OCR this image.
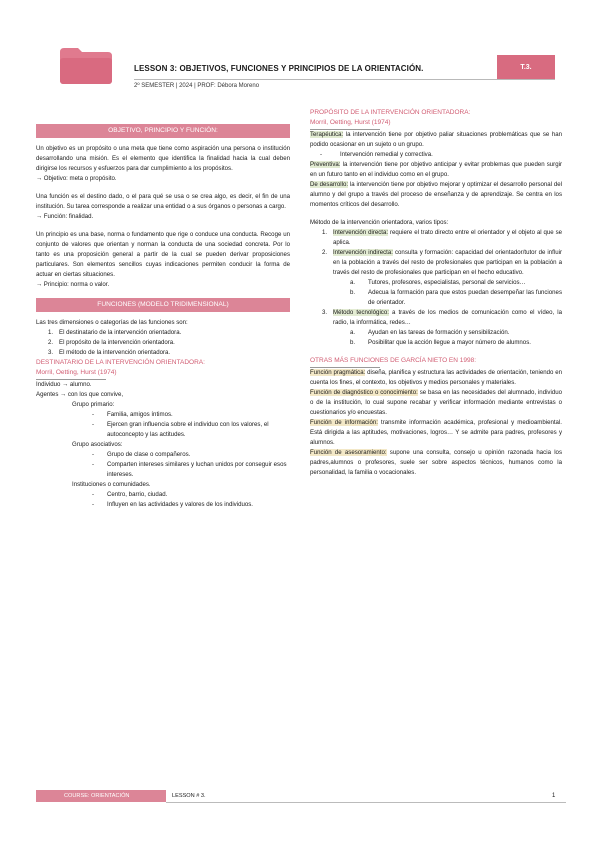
LESSON 3: OBJETIVOS, FUNCIONES Y PRINCIPIOS DE LA ORIENTACIÓN.	T.3.
2º SEMESTER | 2024 | PROF: Débora Moreno
OBJETIVO, PRINCIPIO Y FUNCIÓN:

Un objetivo es un propósito o una meta que tiene como aspiración una persona o institución desarrollando una misión. Es el elemento que identifica la finalidad hacia la cual deben dirigirse los recursos y esfuerzos para dar cumplimiento a los propósitos.

→ Objetivo: meta o propósito.

Una función es el destino dado, o el para qué se usa o se crea algo, es decir, el fin de una institución. Su tarea corresponde a realizar una entidad o a sus órganos o personas a cargo.

→ Función: finalidad.

Un principio es una base, norma o fundamento que rige o conduce una conducta. Recoge un conjunto de valores que orientan y norman la conducta de una sociedad concreta. Por lo tanto es una proposición general a partir de la cual se pueden derivar proposiciones particulares. Son elementos sencillos cuyas indicaciones permiten conducir la forma de actuar en ciertas situaciones.

→ Principio: norma o valor.
FUNCIONES (MODELO TRIDIMENSIONAL)
Las tres dimensiones o categorías de las funciones son:
1. El destinatario de la intervención orientadora.
2. El propósito de la intervención orientadora.
3. El método de la intervención orientadora.
DESTINATARIO DE LA INTERVENCIÓN ORIENTADORA:
Morril, Oetting, Hurst (1974)
Individuo → alumno.
Agentes → con los que convive,
Grupo primario:
- Familia, amigos íntimos.
- Ejercen gran influencia sobre el individuo con los valores, el autoconcepto y las actitudes.
Grupo asociativos:
- Grupo de clase o compañeros.
- Comparten intereses similares y luchan unidos por conseguir esos intereses.
Instituciones o comunidades.
- Centro, barrio, ciudad.
- Influyen en las actividades y valores de los individuos.
PROPÓSITO DE LA INTERVENCIÓN ORIENTADORA:
Morril, Oetting, Hurst (1974)

Terapéutica: la intervención tiene por objetivo paliar situaciones problemáticas que se han podido ocasionar en un sujeto o un grupo.

-	Intervención remedial y correctiva.

Preventiva: la intervención tiene por objetivo anticipar y evitar problemas que pueden surgir en un futuro tanto en el individuo como en el grupo.

De desarrollo: la intervención tiene por objetivo mejorar y optimizar el desarrollo personal del alumno y del grupo a través del proceso de enseñanza y de aprendizaje. Se centra en los momentos críticos del desarrollo.

Método de la intervención orientadora, varios tipos:
1. Intervención directa: requiere el trato directo entre el orientador y el objeto al que se aplica.
2. Intervención indirecta: consulta y formación: capacidad del orientador/tutor de influir en la población a través del resto de profesionales que participan en la población a través del resto de profesionales que participan en el hecho educativo.
a. Tutores, profesores, especialistas, personal de servicios…
b. Adecua la formación para que estos puedan desempeñar las funciones de orientador.
3. Método tecnológico: a través de los medios de comunicación como el vídeo, la radio, la informática, redes…
a. Ayudan en las tareas de formación y sensibilización.
b. Posibilitar que la acción llegue a mayor número de alumnos.
OTRAS MÁS FUNCIONES DE GARCÍA NIETO EN 1998:

Función pragmática: diseña, planifica y estructura las actividades de orientación, teniendo en cuenta los fines, el contexto, los objetivos y medios personales y materiales.

Función de diagnóstico o conocimiento: se basa en las necesidades del alumnado, individuo o de la institución, lo cual supone recabar y verificar información mediante entrevistas o cuestionarios y/o encuestas.

Función de información: transmite información académica, profesional y medioambiental. Está dirigida a las aptitudes, motivaciones, logros… Y se admite para padres, profesores y alumnos.

Función de asesoramiento: supone una consulta, consejo u opinión razonada hacia los padres,alumnos o profesores, suele ser sobre aspectos técnicos, humanos como la personalidad, la familia o vocacionales.

COURSE: ORIENTACIÓN	LESSON # 3.	1
